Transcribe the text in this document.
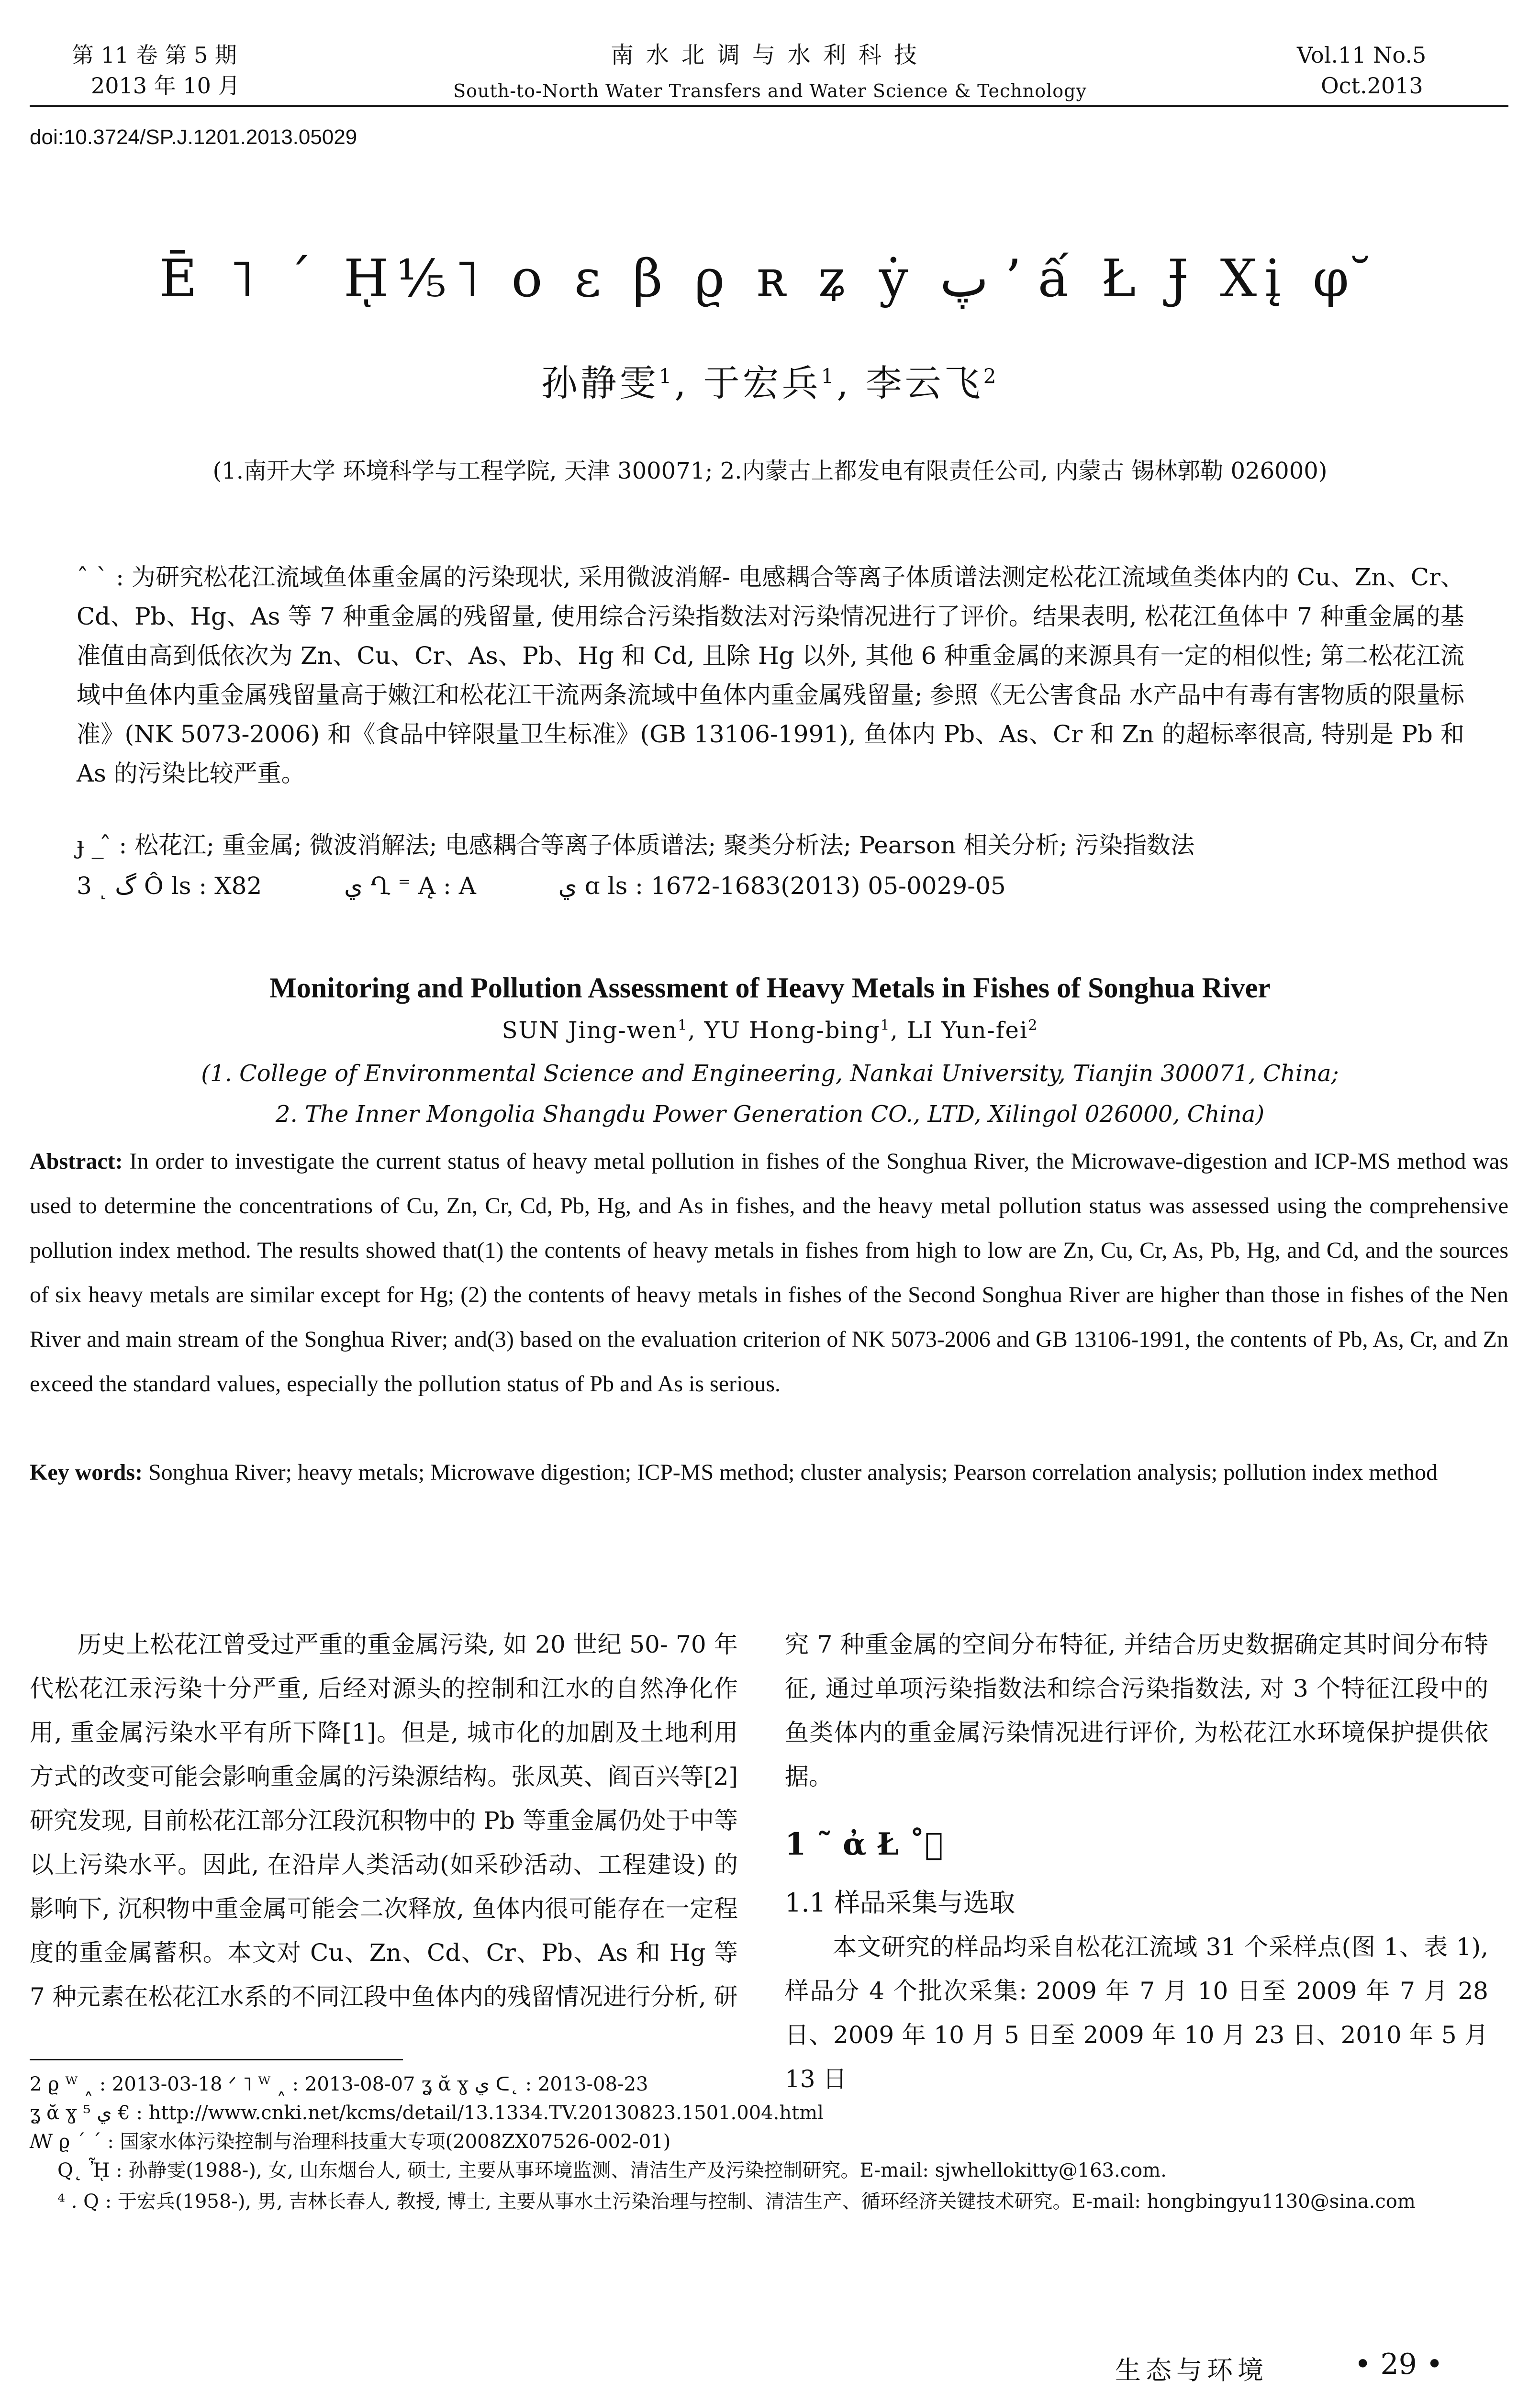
第 11 卷 第 5 期
2013 年 10 月
南水北调与水利科技
South-to-North Water Transfers and Water Science & Technology
Vol.11 No.5
Oct.2013
doi:10.3724/SP.J.1201.2013.05029
Ē ˥ ˊ ῌ⅕˥ ο ε β ϱ ʀ ʑ ẏ پ ’ ấ Ł Ɉ Xį φ ̆
孙静雯$^1$, 于宏兵$^1$, 李云飞$^2$
(1.南开大学 环境科学与工程学院, 天津 300071; 2.内蒙古上都发电有限责任公司, 内蒙古 锡林郭勒 026000)
ˆ ˋ : 为研究松花江流域鱼体重金属的污染现状, 采用微波消解- 电感耦合等离子体质谱法测定松花江流域鱼类体内的 Cu、Zn、Cr、Cd、Pb、Hg、As 等 7 种重金属的残留量, 使用综合污染指数法对污染情况进行了评价。结果表明, 松花江鱼体中 7 种重金属的基准值由高到低依次为 Zn、Cu、Cr、As、Pb、Hg 和 Cd, 且除 Hg 以外, 其他 6 种重金属的来源具有一定的相似性; 第二松花江流域中鱼体内重金属残留量高于嫩江和松花江干流两条流域中鱼体内重金属残留量; 参照《无公害食品 水产品中有毒有害物质的限量标准》(NK 5073-2006) 和《食品中锌限量卫生标准》(GB 13106-1991), 鱼体内 Pb、As、Cr 和 Zn 的超标率很高, 特别是 Pb 和 As 的污染比较严重。
ɟ _ ̂ : 松花江; 重金属; 微波消解法; 电感耦合等离子体质谱法; 聚类分析法; Pearson 相关分析; 污染指数法
3 ˻ گ Ô ls : X82	ي Ղ ⁼ Ą : A	ي ɑ ls : 1672-1683(2013) 05-0029-05
Monitoring and Pollution Assessment of Heavy Metals in Fishes of Songhua River
SUN Jing-wen$^1$, YU Hong-bing$^1$, LI Yun-fei$^2$
(1. College of Environmental Science and Engineering, Nankai University, Tianjin 300071, China;
2. The Inner Mongolia Shangdu Power Generation CO., LTD, Xilingol 026000, China)
Abstract: In order to investigate the current status of heavy metal pollution in fishes of the Songhua River, the Microwave-digestion and ICP-MS method was used to determine the concentrations of Cu, Zn, Cr, Cd, Pb, Hg, and As in fishes, and the heavy metal pollution status was assessed using the comprehensive pollution index method. The results showed that(1) the contents of heavy metals in fishes from high to low are Zn, Cu, Cr, As, Pb, Hg, and Cd, and the sources of six heavy metals are similar except for Hg; (2) the contents of heavy metals in fishes of the Second Songhua River are higher than those in fishes of the Nen River and main stream of the Songhua River; and(3) based on the evaluation criterion of NK 5073-2006 and GB 13106-1991, the contents of Pb, As, Cr, and Zn exceed the standard values, especially the pollution status of Pb and As is serious.
Key words: Songhua River; heavy metals; Microwave digestion; ICP-MS method; cluster analysis; Pearson correlation analysis; pollution index method

历史上松花江曾受过严重的重金属污染, 如 20 世纪 50- 70 年代松花江汞污染十分严重, 后经对源头的控制和江水的自然净化作用, 重金属污染水平有所下降[1]。但是, 城市化的加剧及土地利用方式的改变可能会影响重金属的污染源结构。张凤英、阎百兴等[2] 研究发现, 目前松花江部分江段沉积物中的 Pb 等重金属仍处于中等以上污染水平。因此, 在沿岸人类活动(如采砂活动、工程建设) 的影响下, 沉积物中重金属可能会二次释放, 鱼体内很可能存在一定程度的重金属蓄积。本文对 Cu、Zn、Cd、Cr、Pb、As 和 Hg 等 7 种元素在松花江水系的不同江段中鱼体内的残留情况进行分析, 研

究 7 种重金属的空间分布特征, 并结合历史数据确定其时间分布特征, 通过单项污染指数法和综合污染指数法, 对 3 个特征江段中的鱼类体内的重金属污染情况进行评价, 为松花江水环境保护提供依据。

1 ˜ ἀ Ł ˚ ٍ
1.1 样品采集与选取

本文研究的样品均采自松花江流域 31 个采样点(图 1、表 1), 样品分 4 个批次采集: 2009 年 7 月 10 日至 2009 年 7 月 28 日、2009 年 10 月 5 日至 2009 年 10 月 23 日、2010 年 5 月 13 日

2 ϱ ᵂ ˰ : 2013-03-18 ᐟ ˥ ᵂ ˰ : 2013-08-07 ʓ ᾰ ɣ ي ᑕ˛ : 2013-08-23
ʓ ᾰ ɣ ي ⁵ € : http://www.cnki.net/kcms/detail/13.1334.TV.20130823.1501.004.html
ꟿ ϱ ˊ ˊ : 国家水体污染控制与治理科技重大专项(2008ZX07526-002-01)
Q˛ ᾞ : 孙静雯(1988-), 女, 山东烟台人, 硕士, 主要从事环境监测、清洁生产及污染控制研究。E-mail: sjwhellokitty@163.com.
⁴ . Q : 于宏兵(1958-), 男, 吉林长春人, 教授, 博士, 主要从事水土污染治理与控制、清洁生产、循环经济关键技术研究。E-mail: hongbingyu1130@sina.com
生态与环境	• 29 •
